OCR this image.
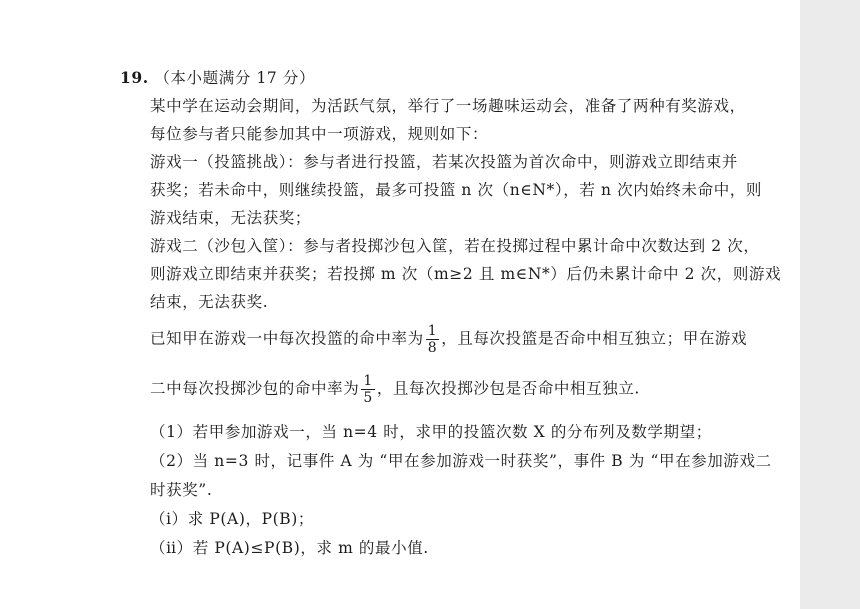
19. （本小题满分 17 分）
某中学在运动会期间，为活跃气氛，举行了一场趣味运动会，准备了两种有奖游戏，
每位参与者只能参加其中一项游戏，规则如下：
游戏一（投篮挑战）：参与者进行投篮，若某次投篮为首次命中，则游戏立即结束并
获奖；若未命中，则继续投篮，最多可投篮 n 次（n∈N*），若 n 次内始终未命中，则
游戏结束，无法获奖；
游戏二（沙包入筐）：参与者投掷沙包入筐，若在投掷过程中累计命中次数达到 2 次，
则游戏立即结束并获奖；若投掷 m 次（m≥2 且 m∈N*）后仍未累计命中 2 次，则游戏
结束，无法获奖.
已知甲在游戏一中每次投篮的命中率为 $\frac{1}{8}$ ，且每次投篮是否命中相互独立；甲在游戏
二中每次投掷沙包的命中率为 $\frac{1}{5}$ ，且每次投掷沙包是否命中相互独立.
（1）若甲参加游戏一，当 n=4 时，求甲的投篮次数 X 的分布列及数学期望；
（2）当 n=3 时，记事件 A 为 “甲在参加游戏一时获奖”，事件 B 为 “甲在参加游戏二
时获奖”.
（ⅰ）求 P(A)，P(B)；
（ⅱ）若 P(A)≤P(B)，求 m 的最小值.
